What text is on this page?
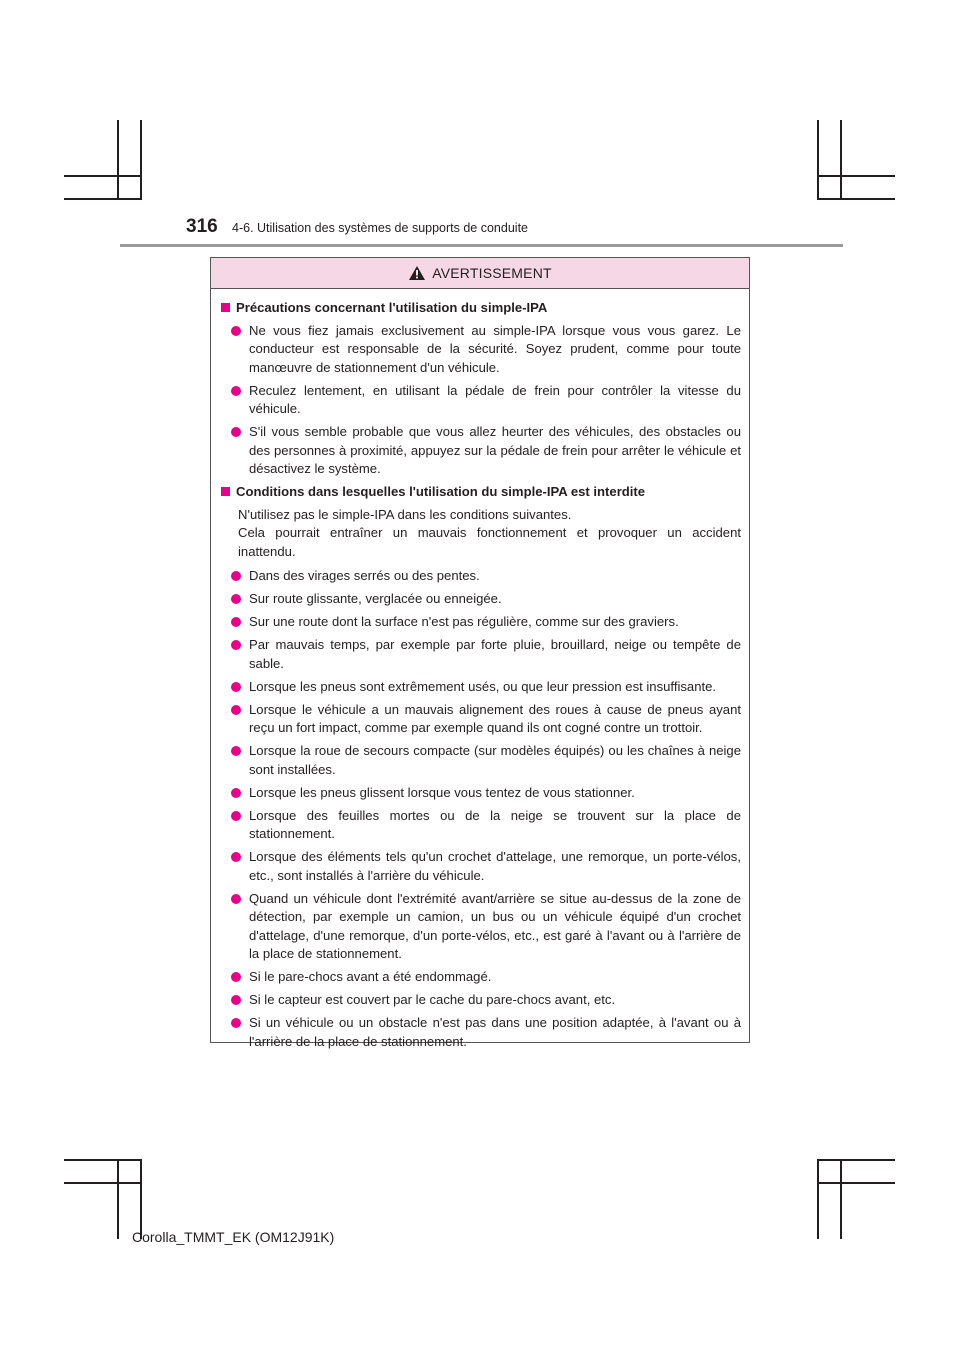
316 4-6. Utilisation des systèmes de supports de conduite
AVERTISSEMENT
Précautions concernant l'utilisation du simple-IPA
Ne vous fiez jamais exclusivement au simple-IPA lorsque vous vous garez. Le conducteur est responsable de la sécurité. Soyez prudent, comme pour toute manœuvre de stationnement d'un véhicule.
Reculez lentement, en utilisant la pédale de frein pour contrôler la vitesse du véhicule.
S'il vous semble probable que vous allez heurter des véhicules, des obstacles ou des personnes à proximité, appuyez sur la pédale de frein pour arrêter le véhicule et désactivez le système.
Conditions dans lesquelles l'utilisation du simple-IPA est interdite
N'utilisez pas le simple-IPA dans les conditions suivantes.
Cela pourrait entraîner un mauvais fonctionnement et provoquer un accident inattendu.
Dans des virages serrés ou des pentes.
Sur route glissante, verglacée ou enneigée.
Sur une route dont la surface n'est pas régulière, comme sur des graviers.
Par mauvais temps, par exemple par forte pluie, brouillard, neige ou tempête de sable.
Lorsque les pneus sont extrêmement usés, ou que leur pression est insuffisante.
Lorsque le véhicule a un mauvais alignement des roues à cause de pneus ayant reçu un fort impact, comme par exemple quand ils ont cogné contre un trottoir.
Lorsque la roue de secours compacte (sur modèles équipés) ou les chaînes à neige sont installées.
Lorsque les pneus glissent lorsque vous tentez de vous stationner.
Lorsque des feuilles mortes ou de la neige se trouvent sur la place de stationnement.
Lorsque des éléments tels qu'un crochet d'attelage, une remorque, un porte-vélos, etc., sont installés à l'arrière du véhicule.
Quand un véhicule dont l'extrémité avant/arrière se situe au-dessus de la zone de détection, par exemple un camion, un bus ou un véhicule équipé d'un crochet d'attelage, d'une remorque, d'un porte-vélos, etc., est garé à l'avant ou à l'arrière de la place de stationnement.
Si le pare-chocs avant a été endommagé.
Si le capteur est couvert par le cache du pare-chocs avant, etc.
Si un véhicule ou un obstacle n'est pas dans une position adaptée, à l'avant ou à l'arrière de la place de stationnement.
Corolla_TMMT_EK (OM12J91K)
